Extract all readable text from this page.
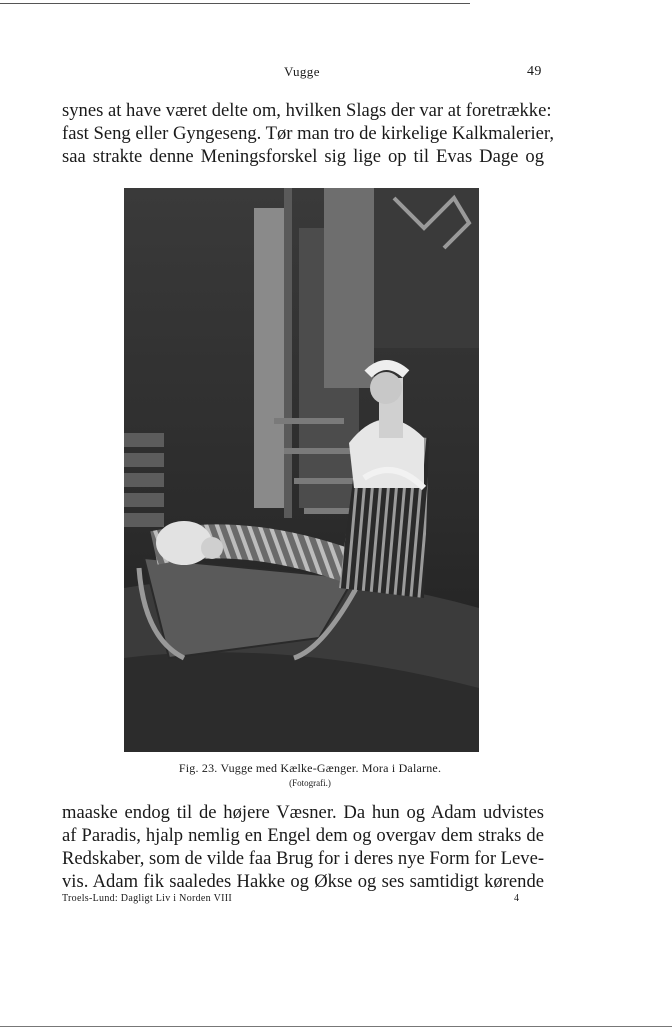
Vugge	49
synes at have været delte om, hvilken Slags der var at foretrække:
fast Seng eller Gyngeseng. Tør man tro de kirkelige Kalkmalerier,
saa strakte denne Meningsforskel sig lige op til Evas Dage og
Fig. 23. Vugge med Kælke-Gænger. Mora i Dalarne.
(Fotografi.)
maaske endog til de højere Væsner. Da hun og Adam udvistes
af Paradis, hjalp nemlig en Engel dem og overgav dem straks de
Redskaber, som de vilde faa Brug for i deres nye Form for Leve-
vis. Adam fik saaledes Hakke og Økse og ses samtidigt kørende
Troels-Lund: Dagligt Liv i Norden VIII	4
